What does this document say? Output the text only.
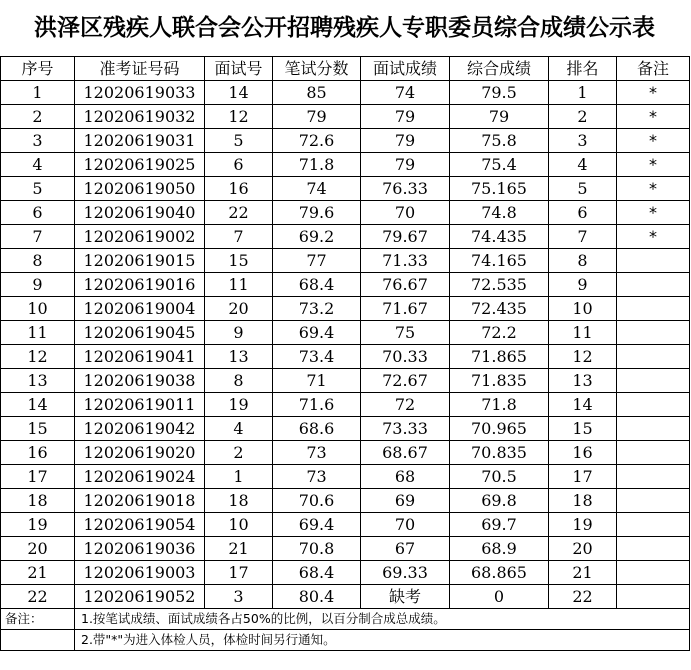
洪泽区残疾人联合会公开招聘残疾人专职委员综合成绩公示表
序号	准考证号码	面试号	笔试分数	面试成绩	综合成绩	排名	备注
1	12020619033	14	85	74	79.5	1	*
2	12020619032	12	79	79	79	2	*
3	12020619031	5	72.6	79	75.8	3	*
4	12020619025	6	71.8	79	75.4	4	*
5	12020619050	16	74	76.33	75.165	5	*
6	12020619040	22	79.6	70	74.8	6	*
7	12020619002	7	69.2	79.67	74.435	7	*
8	12020619015	15	77	71.33	74.165	8	
9	12020619016	11	68.4	76.67	72.535	9	
10	12020619004	20	73.2	71.67	72.435	10	
11	12020619045	9	69.4	75	72.2	11	
12	12020619041	13	73.4	70.33	71.865	12	
13	12020619038	8	71	72.67	71.835	13	
14	12020619011	19	71.6	72	71.8	14	
15	12020619042	4	68.6	73.33	70.965	15	
16	12020619020	2	73	68.67	70.835	16	
17	12020619024	1	73	68	70.5	17	
18	12020619018	18	70.6	69	69.8	18	
19	12020619054	10	69.4	70	69.7	19	
20	12020619036	21	70.8	67	68.9	20	
21	12020619003	17	68.4	69.33	68.865	21	
22	12020619052	3	80.4	缺考	0	22	
备注：	1.按笔试成绩、面试成绩各占50%的比例，以百分制合成总成绩。						
	2.带"*"为进入体检人员，体检时间另行通知。						
